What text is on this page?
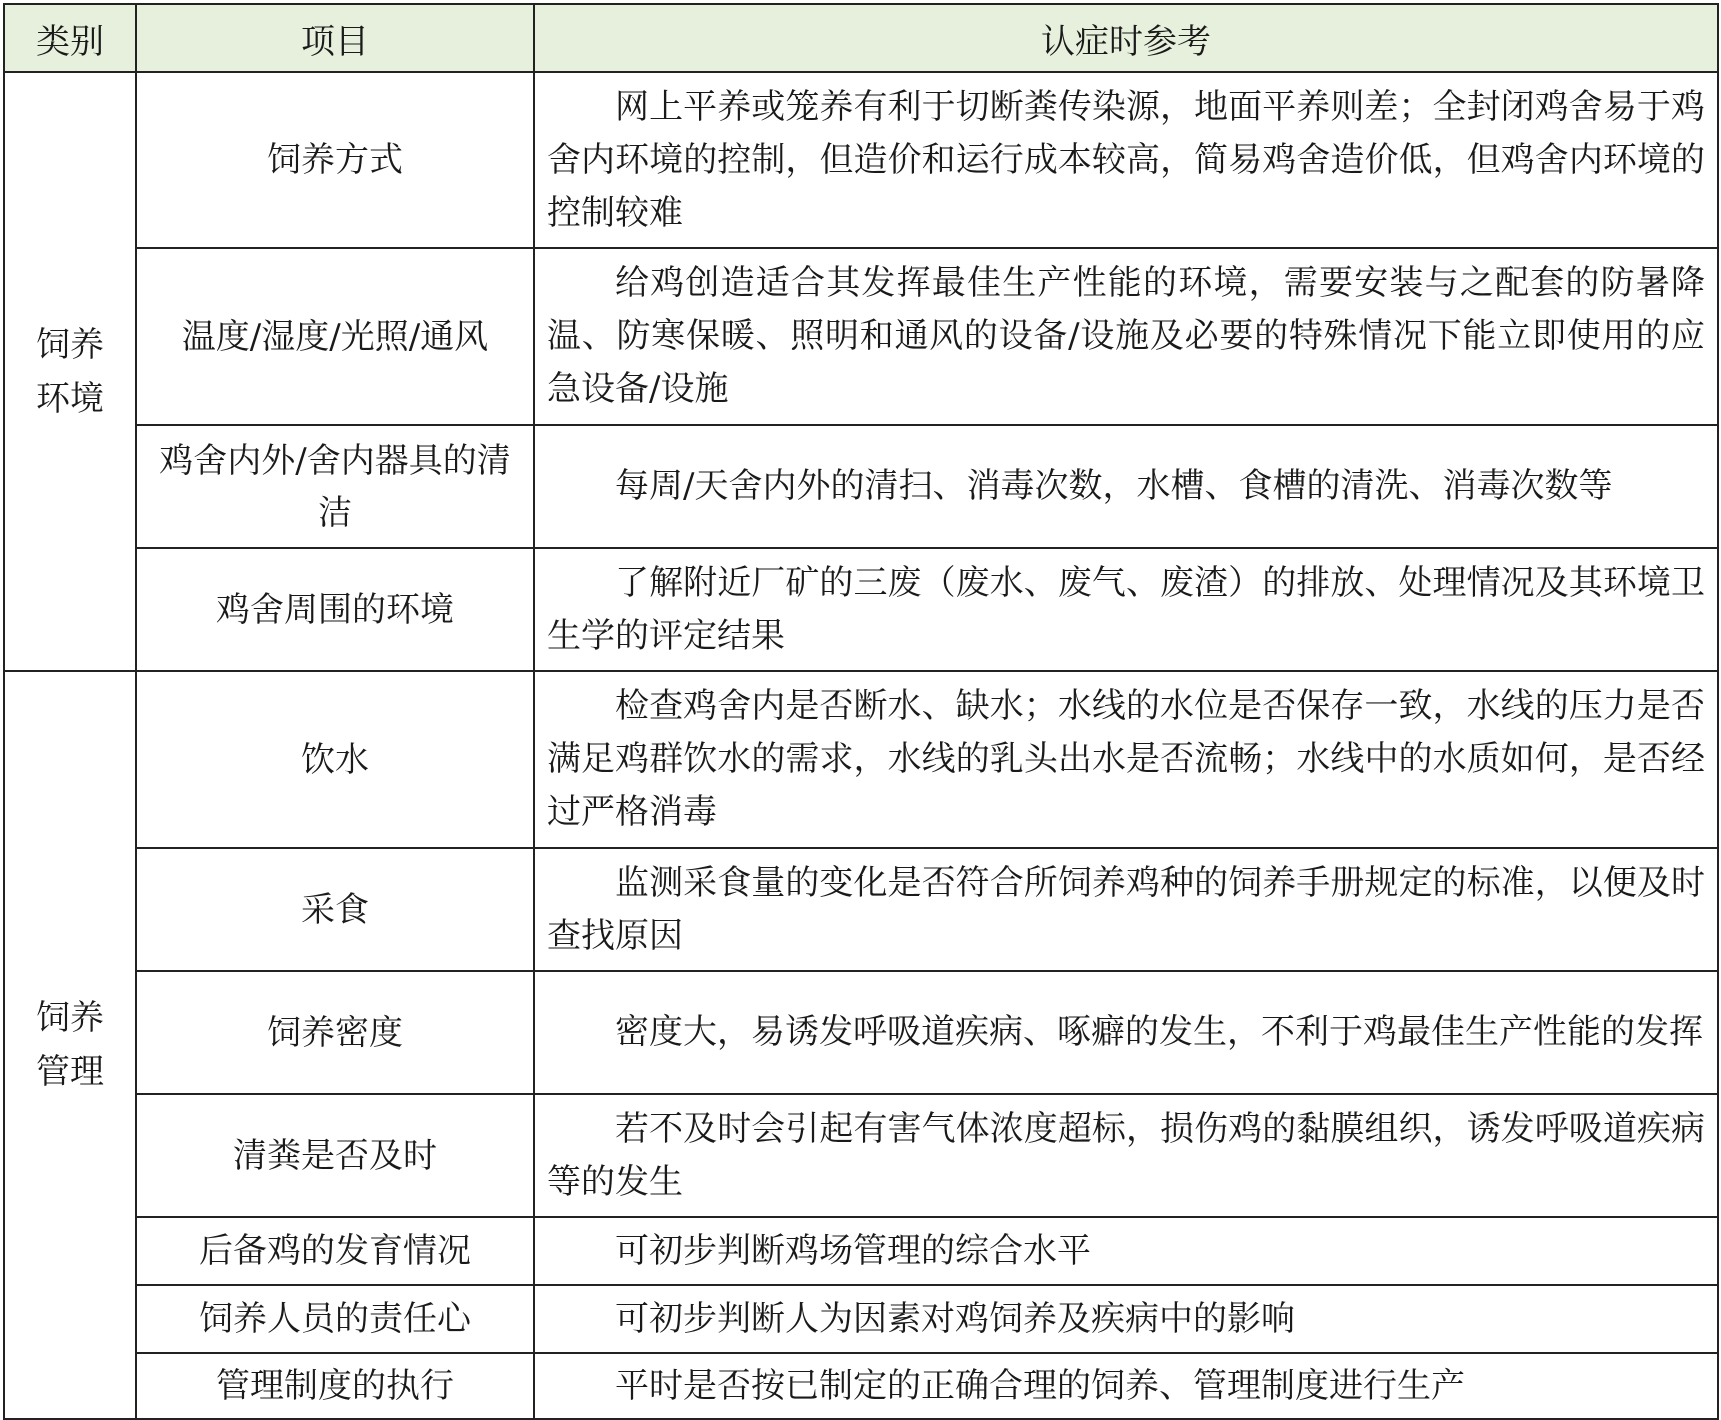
类别	项目	认症时参考
饲养环境	饲养方式	网上平养或笼养有利于切断粪传染源，地面平养则差；全封闭鸡舍易于鸡舍内环境的控制，但造价和运行成本较高，简易鸡舍造价低，但鸡舍内环境的控制较难

	温度/湿度/光照/通风	给鸡创造适合其发挥最佳生产性能的环境，需要安装与之配套的防暑降温、防寒保暖、照明和通风的设备/设施及必要的特殊情况下能立即使用的应急设备/设施

	鸡舍内外/舍内器具的清洁	每周/天舍内外的清扫、消毒次数，水槽、食槽的清洗、消毒次数等

	鸡舍周围的环境	了解附近厂矿的三废（废水、废气、废渣）的排放、处理情况及其环境卫生学的评定结果

饲养管理	饮水	检查鸡舍内是否断水、缺水；水线的水位是否保存一致，水线的压力是否满足鸡群饮水的需求，水线的乳头出水是否流畅；水线中的水质如何，是否经过严格消毒

	采食	监测采食量的变化是否符合所饲养鸡种的饲养手册规定的标准，以便及时查找原因

	饲养密度	密度大，易诱发呼吸道疾病、啄癖的发生，不利于鸡最佳生产性能的发挥

	清粪是否及时	若不及时会引起有害气体浓度超标，损伤鸡的黏膜组织，诱发呼吸道疾病等的发生

	后备鸡的发育情况	可初步判断鸡场管理的综合水平

	饲养人员的责任心	可初步判断人为因素对鸡饲养及疾病中的影响

	管理制度的执行	平时是否按已制定的正确合理的饲养、管理制度进行生产
